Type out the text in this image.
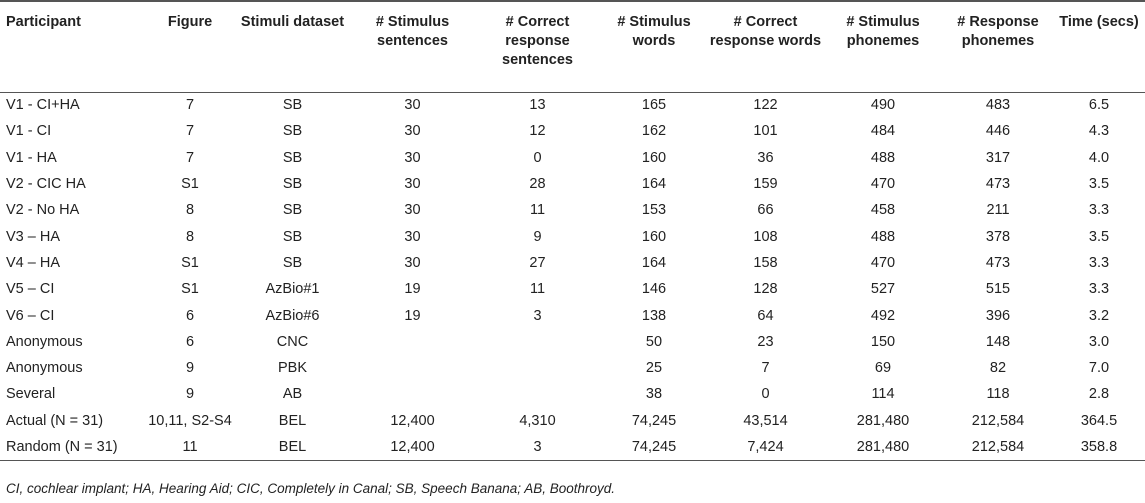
Participant	Figure	Stimuli dataset	# Stimulus sentences	# Correct response sentences	# Stimulus words	# Correct response words	# Stimulus phonemes	# Response phonemes	Time (secs)
V1 - CI+HA	7	SB	30	13	165	122	490	483	6.5
V1 - CI	7	SB	30	12	162	101	484	446	4.3
V1 - HA	7	SB	30	0	160	36	488	317	4.0
V2 - CIC HA	S1	SB	30	28	164	159	470	473	3.5
V2 - No HA	8	SB	30	11	153	66	458	211	3.3
V3 – HA	8	SB	30	9	160	108	488	378	3.5
V4 – HA	S1	SB	30	27	164	158	470	473	3.3
V5 – CI	S1	AzBio#1	19	11	146	128	527	515	3.3
V6 – CI	6	AzBio#6	19	3	138	64	492	396	3.2
Anonymous	6	CNC			50	23	150	148	3.0
Anonymous	9	PBK			25	7	69	82	7.0
Several	9	AB			38	0	114	118	2.8
Actual (N = 31)	10,11, S2-S4	BEL	12,400	4,310	74,245	43,514	281,480	212,584	364.5
Random (N = 31)	11	BEL	12,400	3	74,245	7,424	281,480	212,584	358.8
CI, cochlear implant; HA, Hearing Aid; CIC, Completely in Canal; SB, Speech Banana; AB, Boothroyd.
